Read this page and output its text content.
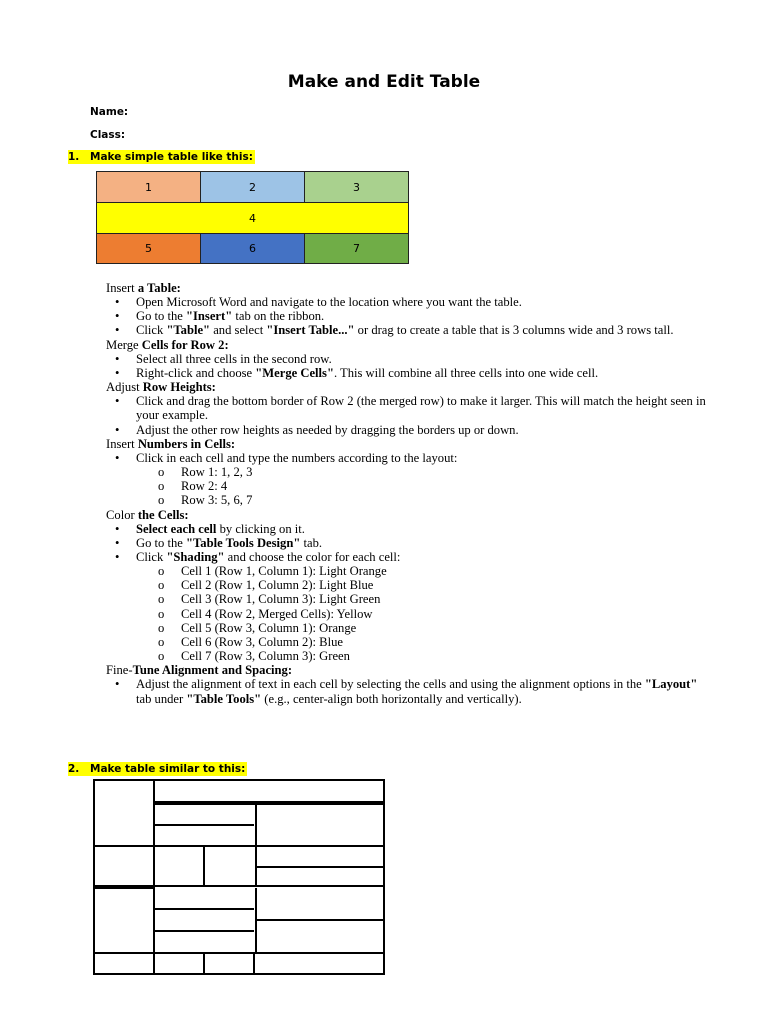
Make and Edit Table
Name:
Class:
1. Make simple table like this:
1	2	3
4		
5	6	7
Insert a Table:
• Open Microsoft Word and navigate to the location where you want the table.
• Go to the "Insert" tab on the ribbon.
• Click "Table" and select "Insert Table..." or drag to create a table that is 3 columns wide and 3 rows tall.
Merge Cells for Row 2:
• Select all three cells in the second row.
• Right-click and choose "Merge Cells". This will combine all three cells into one wide cell.
Adjust Row Heights:
• Click and drag the bottom border of Row 2 (the merged row) to make it larger. This will match the height seen in your example.
• Adjust the other row heights as needed by dragging the borders up or down.
Insert Numbers in Cells:
• Click in each cell and type the numbers according to the layout:
o Row 1: 1, 2, 3
o Row 2: 4
o Row 3: 5, 6, 7
Color the Cells:
• Select each cell by clicking on it.
• Go to the "Table Tools Design" tab.
• Click "Shading" and choose the color for each cell:
o Cell 1 (Row 1, Column 1): Light Orange
o Cell 2 (Row 1, Column 2): Light Blue
o Cell 3 (Row 1, Column 3): Light Green
o Cell 4 (Row 2, Merged Cells): Yellow
o Cell 5 (Row 3, Column 1): Orange
o Cell 6 (Row 3, Column 2): Blue
o Cell 7 (Row 3, Column 3): Green
Fine-Tune Alignment and Spacing:
• Adjust the alignment of text in each cell by selecting the cells and using the alignment options in the "Layout" tab under "Table Tools" (e.g., center-align both horizontally and vertically).
2. Make table similar to this:
